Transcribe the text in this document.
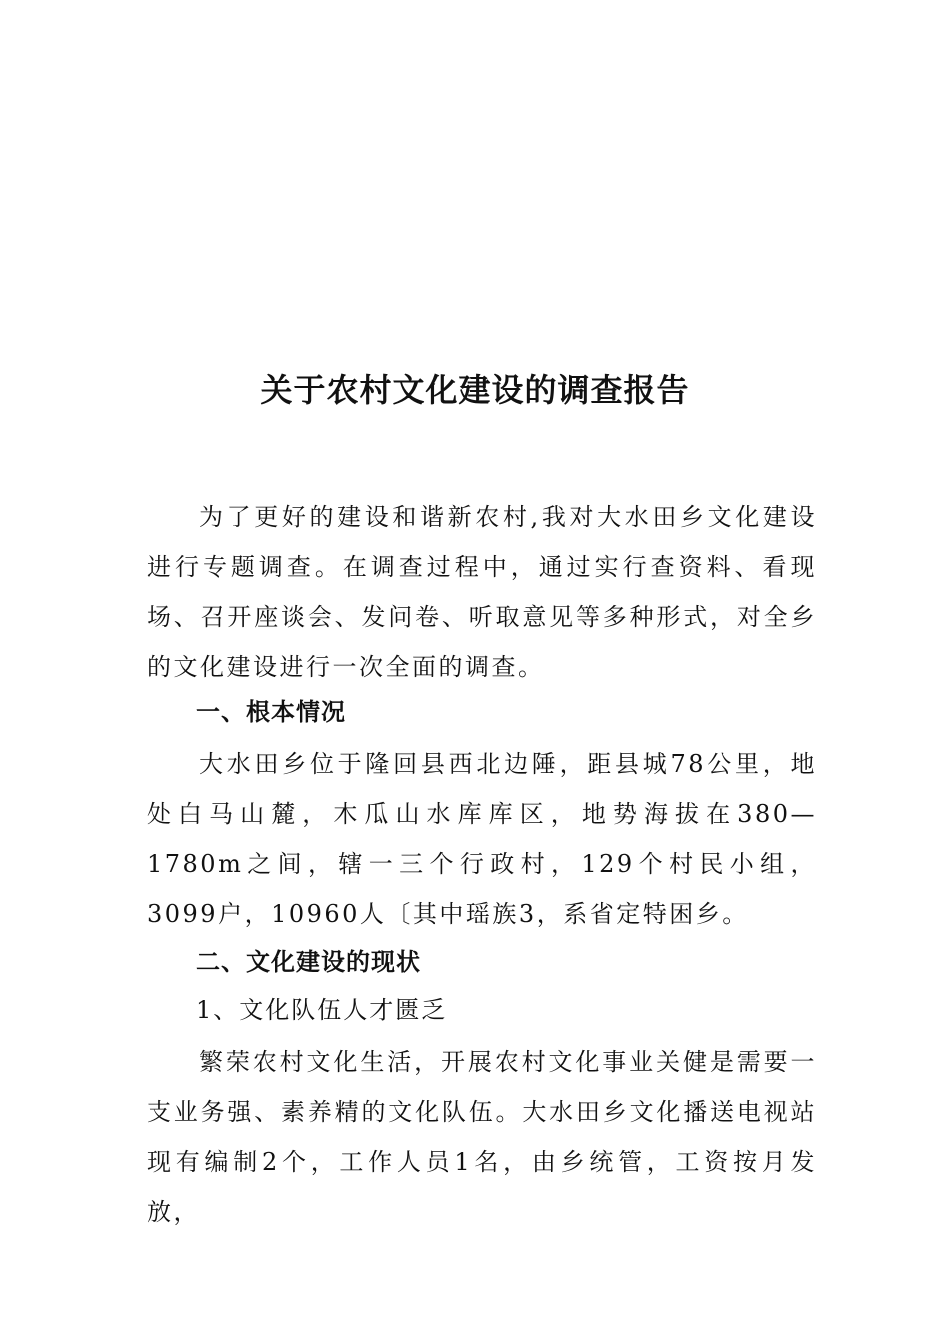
关于农村文化建设的调查报告
为了更好的建设和谐新农村,我对大水田乡文化建设进行专题调查。在调查过程中，通过实行查资料、看现场、召开座谈会、发问卷、听取意见等多种形式，对全乡的文化建设进行一次全面的调查。
一、根本情况
大水田乡位于隆回县西北边陲，距县城78公里，地处白马山麓，木瓜山水库库区，地势海拔在380—1780m之间，辖一三个行政村，129个村民小组，3099户，10960人〔其中瑶族3，系省定特困乡。
二、文化建设的现状
1、文化队伍人才匮乏
繁荣农村文化生活，开展农村文化事业关健是需要一支业务强、素养精的文化队伍。大水田乡文化播送电视站现有编制2个，工作人员1名，由乡统管，工资按月发放，
